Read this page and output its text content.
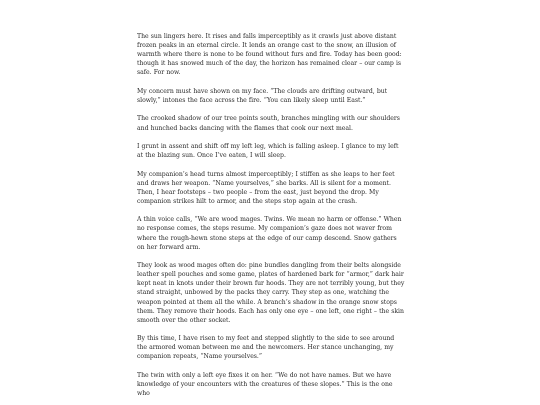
The sun lingers here. It rises and falls imperceptibly as it crawls just above distant frozen peaks in an eternal circle. It lends an orange cast to the snow, an illusion of warmth where there is none to be found without furs and fire. Today has been good: though it has snowed much of the day, the horizon has remained clear – our camp is safe. For now.

My concern must have shown on my face. “The clouds are drifting outward, but slowly,” intones the face across the fire. “You can likely sleep until East.”

The crooked shadow of our tree points south, branches mingling with our shoulders and hunched backs dancing with the flames that cook our next meal.

I grunt in assent and shift off my left leg, which is falling asleep. I glance to my left at the blazing sun. Once I’ve eaten, I will sleep.

My companion’s head turns almost imperceptibly; I stiffen as she leaps to her feet and draws her weapon. “Name yourselves,” she barks. All is silent for a moment. Then, I hear footsteps – two people – from the east, just beyond the drop. My companion strikes hilt to armor, and the steps stop again at the crash.

A thin voice calls, “We are wood mages. Twins. We mean no harm or offense.” When no response comes, the steps resume. My companion’s gaze does not waver from where the rough-hewn stone steps at the edge of our camp descend. Snow gathers on her forward arm.

They look as wood mages often do: pine bundles dangling from their belts alongside leather spell pouches and some game, plates of hardened bark for “armor,” dark hair kept neat in knots under their brown fur hoods. They are not terribly young, but they stand straight, unbowed by the packs they carry. They step as one, watching the weapon pointed at them all the while. A branch’s shadow in the orange snow stops them. They remove their hoods. Each has only one eye – one left, one right – the skin smooth over the other socket.

By this time, I have risen to my feet and stepped slightly to the side to see around the armored woman between me and the newcomers. Her stance unchanging, my companion repeats, “Name yourselves.”

The twin with only a left eye fixes it on her. “We do not have names. But we have knowledge of your encounters with the creatures of these slopes.” This is the one who
